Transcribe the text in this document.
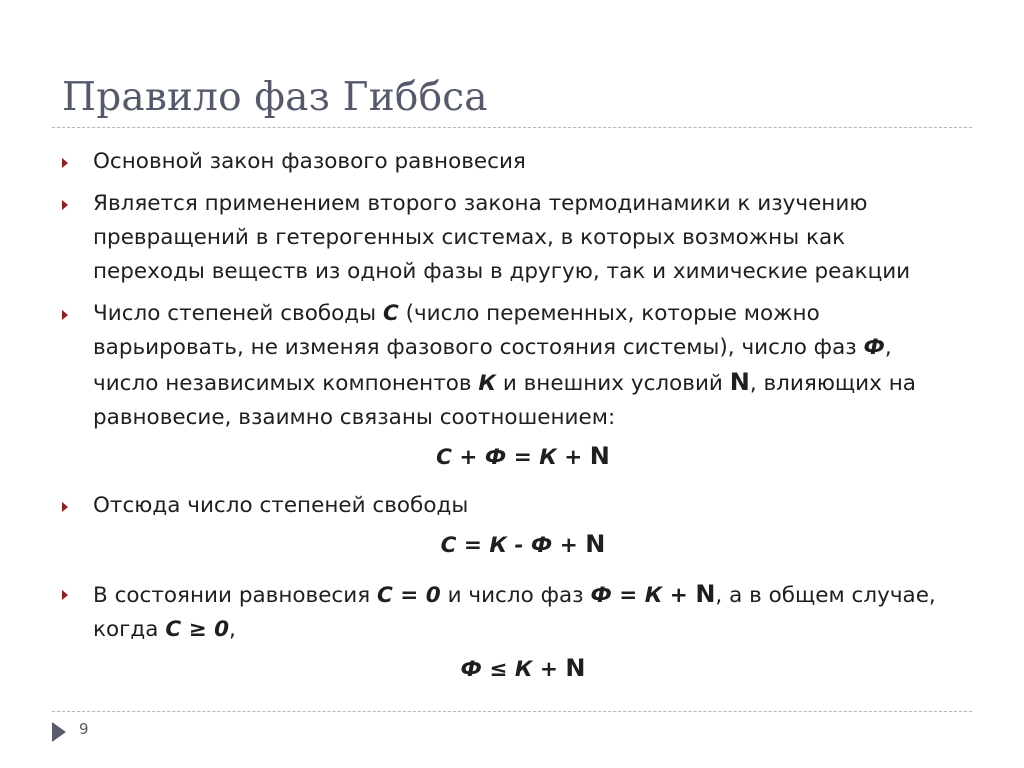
Правило фаз Гиббса
Основной закон фазового равновесия
Является применением второго закона термодинамики к изучению превращений в гетерогенных системах, в которых возможны как переходы веществ из одной фазы в другую, так и химические реакции
Число степеней свободы С (число переменных, которые можно варьировать, не изменяя фазового состояния системы), число фаз Ф, число независимых компонентов К и внешних условий N, влияющих на равновесие, взаимно связаны соотношением:
С + Ф = К + N
Отсюда число степеней свободы
С = К - Ф + N
В состоянии равновесия С = 0 и число фаз Ф = К + N, а в общем случае, когда С ≥ 0,
Ф ≤ К + N
9
